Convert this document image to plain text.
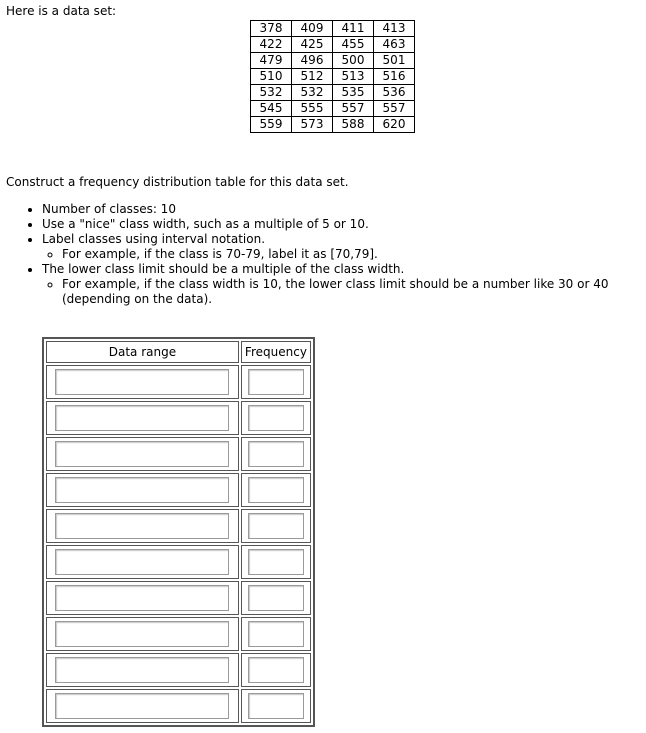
Here is a data set:

378	409	411	413
422	425	455	463
479	496	500	501
510	512	513	516
532	532	535	536
545	555	557	557
559	573	588	620

Construct a frequency distribution table for this data set.

• Number of classes: 10
• Use a "nice" class width, such as a multiple of 5 or 10.
• Label classes using interval notation.
◦ For example, if the class is 70-79, label it as [70,79].
• The lower class limit should be a multiple of the class width.
◦ For example, if the class width is 10, the lower class limit should be a number like 30 or 40 (depending on the data).
Data range	Frequency
